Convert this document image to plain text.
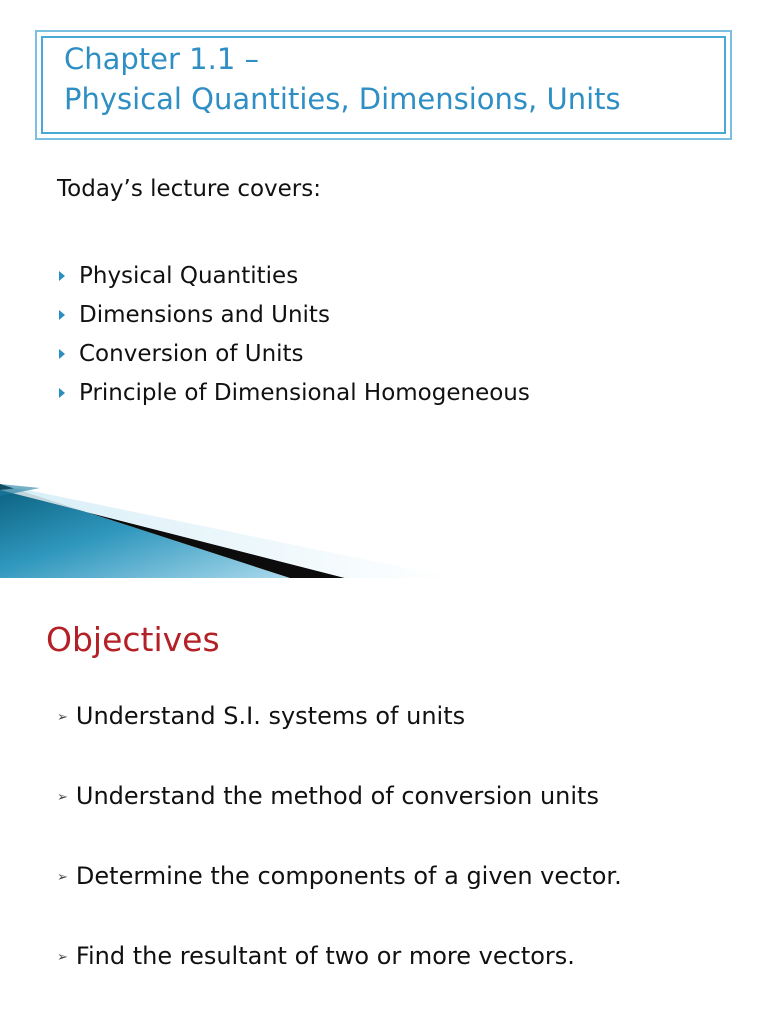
Chapter 1.1 –
Physical Quantities, Dimensions, Units
Today’s lecture covers:
Physical Quantities
Dimensions and Units
Conversion of Units
Principle of Dimensional Homogeneous
Objectives
➢ Understand S.I. systems of units
➢ Understand the method of conversion units
➢ Determine the components of a given vector.
➢ Find the resultant of two or more vectors.
